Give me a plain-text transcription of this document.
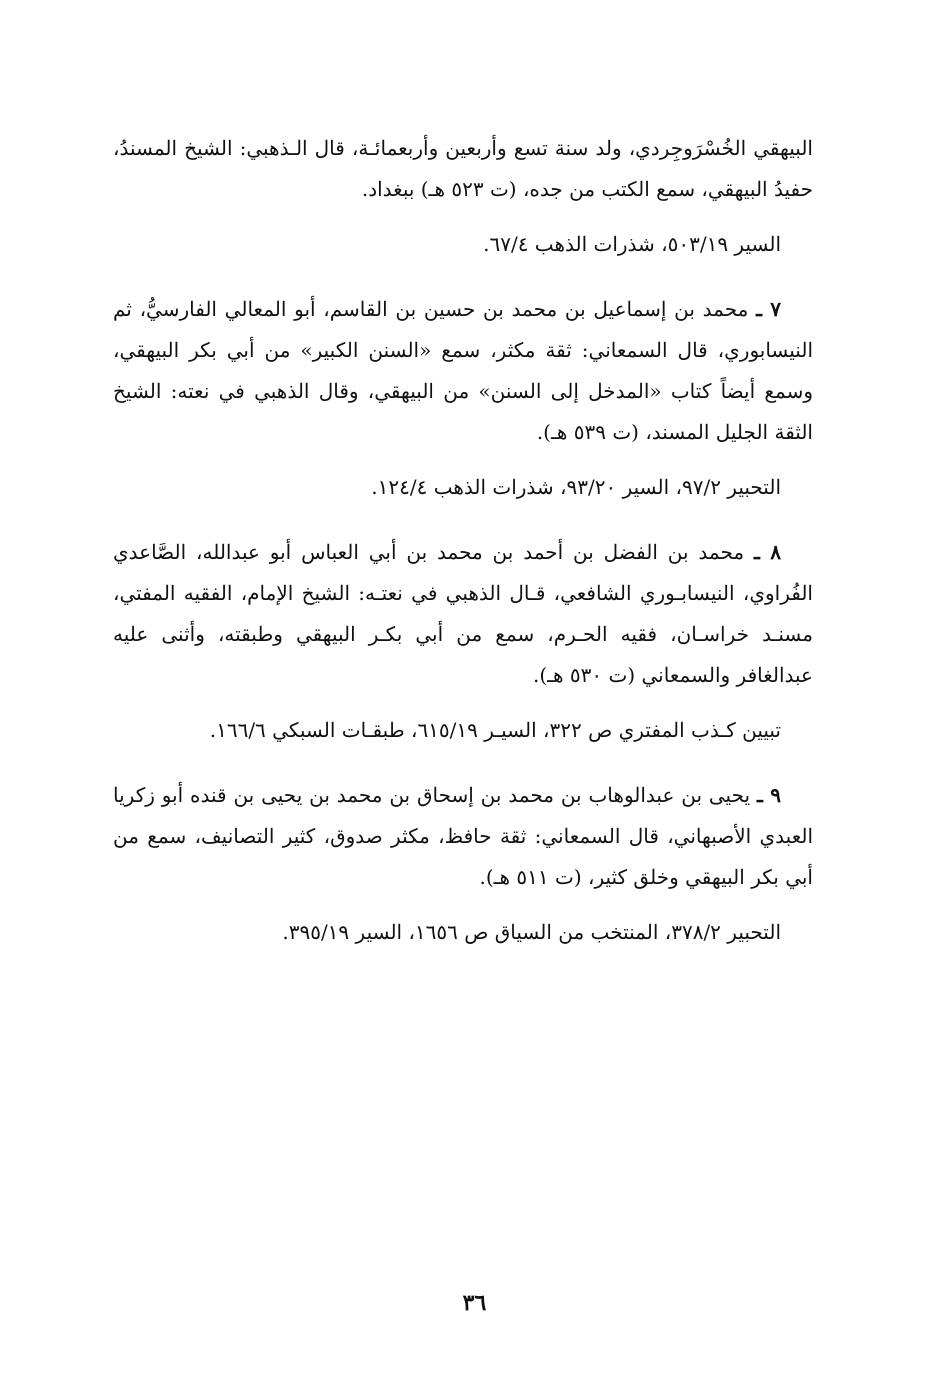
البيهقي الخُسْرَوجِردي، ولد سنة تسع وأربعين وأربعمائـة، قال الـذهبي: الشيخ المسندُ، حفيدُ البيهقي، سمع الكتب من جده، (ت ٥٢٣ هـ) ببغداد.

السير ٥٠٣/١٩، شذرات الذهب ٦٧/٤.

٧ ـ محمد بن إسماعيل بن محمد بن حسين بن القاسم، أبو المعالي الفارسيُّ، ثم النيسابوري، قال السمعاني: ثقة مكثر، سمع «السنن الكبير» من أبي بكر البيهقي، وسمع أيضاً كتاب «المدخل إلى السنن» من البيهقي، وقال الذهبي في نعته: الشيخ الثقة الجليل المسند، (ت ٥٣٩ هـ).

التحبير ٩٧/٢، السير ٩٣/٢٠، شذرات الذهب ١٢٤/٤.

٨ ـ محمد بن الفضل بن أحمد بن محمد بن أبي العباس أبو عبدالله، الصَّاعدي الفُراوي، النيسابـوري الشافعي، قـال الذهبي في نعتـه: الشيخ الإمام، الفقيه المفتي، مسنـد خراسـان، فقيه الحـرم، سمع من أبي بكـر البيهقي وطبقته، وأثنى عليه عبدالغافر والسمعاني (ت ٥٣٠ هـ).

تبيين كـذب المفتري ص ٣٢٢، السيـر ٦١٥/١٩، طبقـات السبكي ١٦٦/٦.

٩ ـ يحيى بن عبدالوهاب بن محمد بن إسحاق بن محمد بن يحيى بن قنده أبو زكريا العبدي الأصبهاني، قال السمعاني: ثقة حافظ، مكثر صدوق، كثير التصانيف، سمع من أبي بكر البيهقي وخلق كثير، (ت ٥١١ هـ).

التحبير ٣٧٨/٢، المنتخب من السياق ص ١٦٥٦، السير ٣٩٥/١٩.

٣٦
